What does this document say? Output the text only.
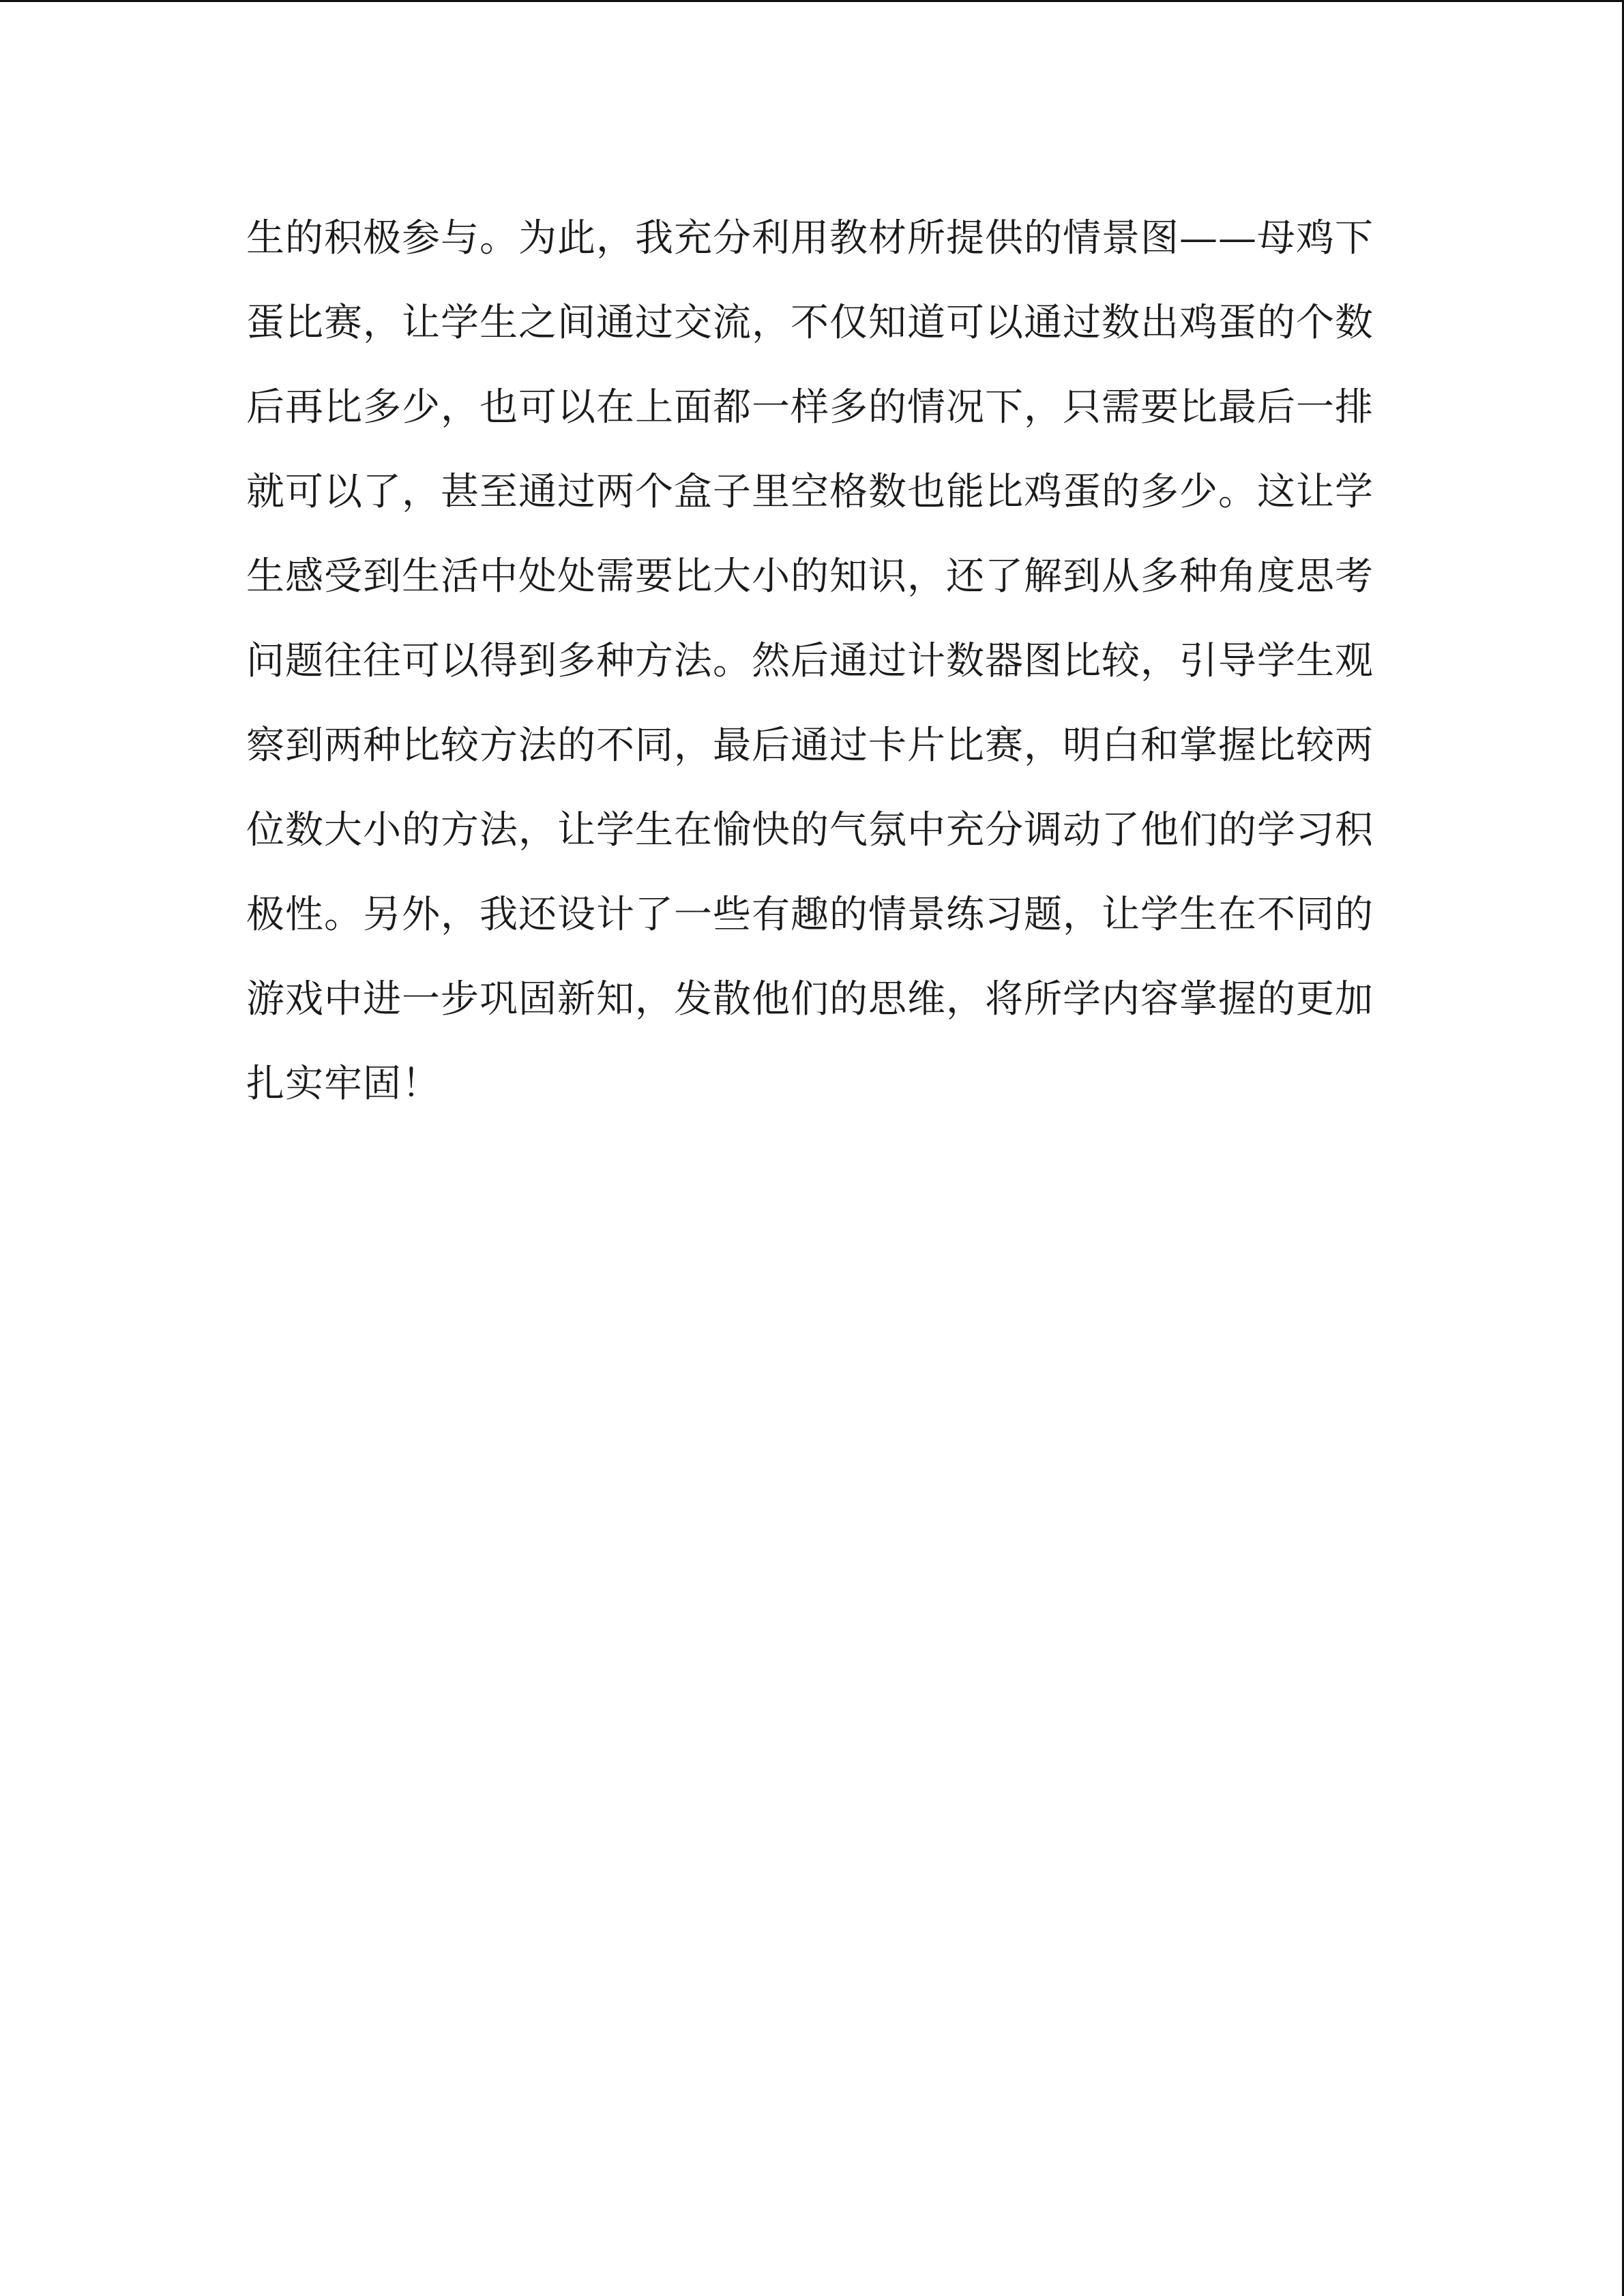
生的积极参与。为此，我充分利用教材所提供的情景图——母鸡下
蛋比赛，让学生之间通过交流，不仅知道可以通过数出鸡蛋的个数
后再比多少，也可以在上面都一样多的情况下，只需要比最后一排
就可以了，甚至通过两个盒子里空格数也能比鸡蛋的多少。这让学
生感受到生活中处处需要比大小的知识，还了解到从多种角度思考
问题往往可以得到多种方法。然后通过计数器图比较，引导学生观
察到两种比较方法的不同，最后通过卡片比赛，明白和掌握比较两
位数大小的方法，让学生在愉快的气氛中充分调动了他们的学习积
极性。另外，我还设计了一些有趣的情景练习题，让学生在不同的
游戏中进一步巩固新知，发散他们的思维，将所学内容掌握的更加
扎实牢固！
